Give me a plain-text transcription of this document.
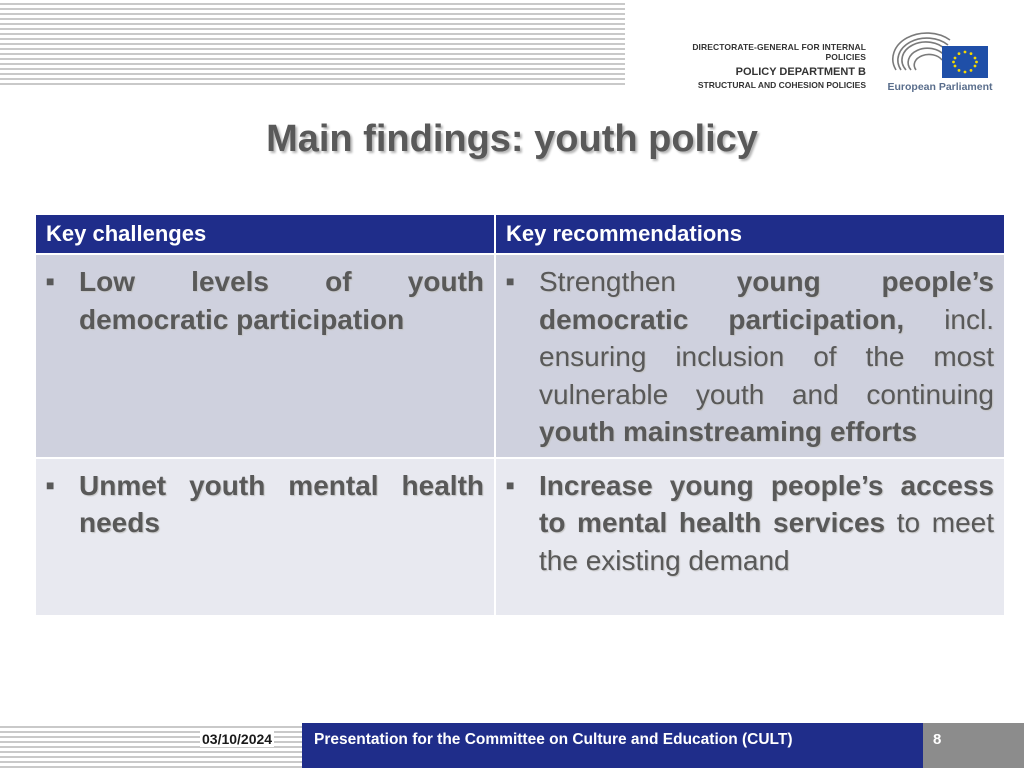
DIRECTORATE-GENERAL FOR INTERNAL POLICIES
POLICY DEPARTMENT B
STRUCTURAL AND COHESION POLICIES European Parliament
Main findings: youth policy
Key challenges	Key recommendations

■ Low levels of youth democratic participation	■ Strengthen young people’s democratic participation, incl. ensuring inclusion of the most vulnerable youth and continuing youth mainstreaming efforts

■ Unmet youth mental health needs	■ Increase young people’s access to mental health services to meet the existing demand
03/10/2024	Presentation for the Committee on Culture and Education (CULT)	8
